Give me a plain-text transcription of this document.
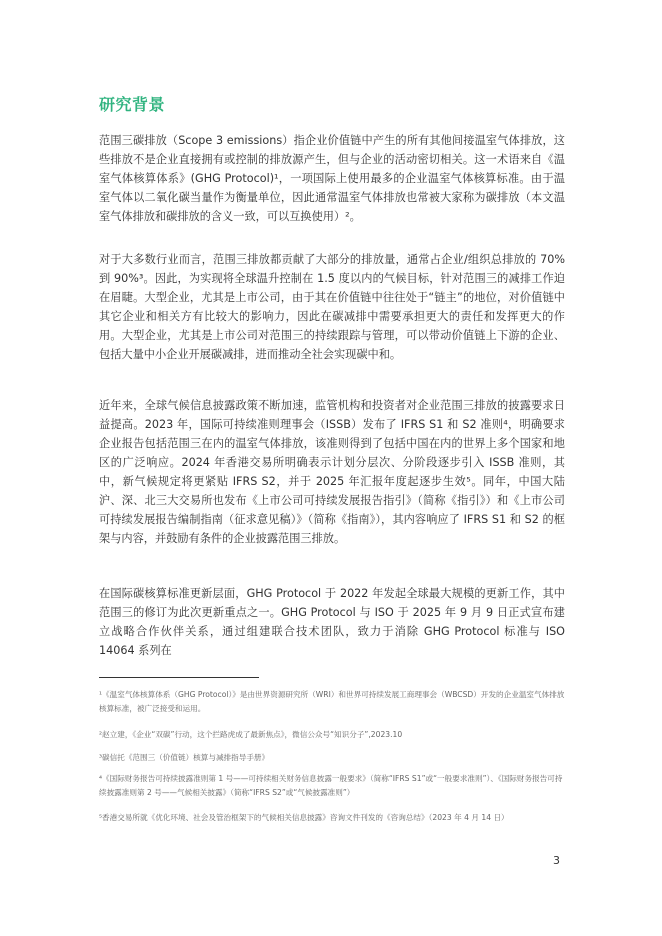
研究背景

范围三碳排放（Scope 3 emissions）指企业价值链中产生的所有其他间接温室气体排放，这些排放不是企业直接拥有或控制的排放源产生，但与企业的活动密切相关。这一术语来自《温室气体核算体系》(GHG Protocol)¹，一项国际上使用最多的企业温室气体核算标准。由于温室气体以二氧化碳当量作为衡量单位，因此通常温室气体排放也常被大家称为碳排放（本文温室气体排放和碳排放的含义一致，可以互换使用）²。

对于大多数行业而言，范围三排放都贡献了大部分的排放量，通常占企业/组织总排放的 70%到 90%³。因此，为实现将全球温升控制在 1.5 度以内的气候目标，针对范围三的减排工作迫在眉睫。大型企业，尤其是上市公司，由于其在价值链中往往处于“链主”的地位，对价值链中其它企业和相关方有比较大的影响力，因此在碳减排中需要承担更大的责任和发挥更大的作用。大型企业，尤其是上市公司对范围三的持续跟踪与管理，可以带动价值链上下游的企业、包括大量中小企业开展碳减排，进而推动全社会实现碳中和。

近年来，全球气候信息披露政策不断加速，监管机构和投资者对企业范围三排放的披露要求日益提高。2023 年，国际可持续准则理事会（ISSB）发布了 IFRS S1 和 S2 准则⁴，明确要求企业报告包括范围三在内的温室气体排放，该准则得到了包括中国在内的世界上多个国家和地区的广泛响应。2024 年香港交易所明确表示计划分层次、分阶段逐步引入 ISSB 准则，其中，新气候规定将更紧贴 IFRS S2，并于 2025 年汇报年度起逐步生效⁵。同年，中国大陆沪、深、北三大交易所也发布《上市公司可持续发展报告指引》（简称《指引》）和《上市公司可持续发展报告编制指南（征求意见稿）》（简称《指南》），其内容响应了 IFRS S1 和 S2 的框架与内容，并鼓励有条件的企业披露范围三排放。

在国际碳核算标准更新层面，GHG Protocol 于 2022 年发起全球最大规模的更新工作，其中范围三的修订为此次更新重点之一。GHG Protocol 与 ISO 于 2025 年 9 月 9 日正式宣布建立战略合作伙伴关系，通过组建联合技术团队，致力于消除 GHG Protocol 标准与 ISO 14064 系列在

¹《温室气体核算体系（GHG Protocol）》是由世界资源研究所（WRI）和世界可持续发展工商理事会（WBCSD）开发的企业温室气体排放核算标准，被广泛接受和运用。

²赵立建，《企业“双碳”行动，这个拦路虎成了最新焦点》，微信公众号“知识分子”,2023.10

³碳信托《范围三（价值链）核算与减排指导手册》

⁴《国际财务报告可持续披露准则第 1 号——可持续相关财务信息披露一般要求》（简称“IFRS S1”或“一般要求准则”）、《国际财务报告可持续披露准则第 2 号——气候相关披露》（简称“IFRS S2”或“气候披露准则”）

⁵香港交易所就《优化环境、社会及管治框架下的气候相关信息披露》咨询文件刊发的《咨询总结》（2023 年 4 月 14 日）

3
